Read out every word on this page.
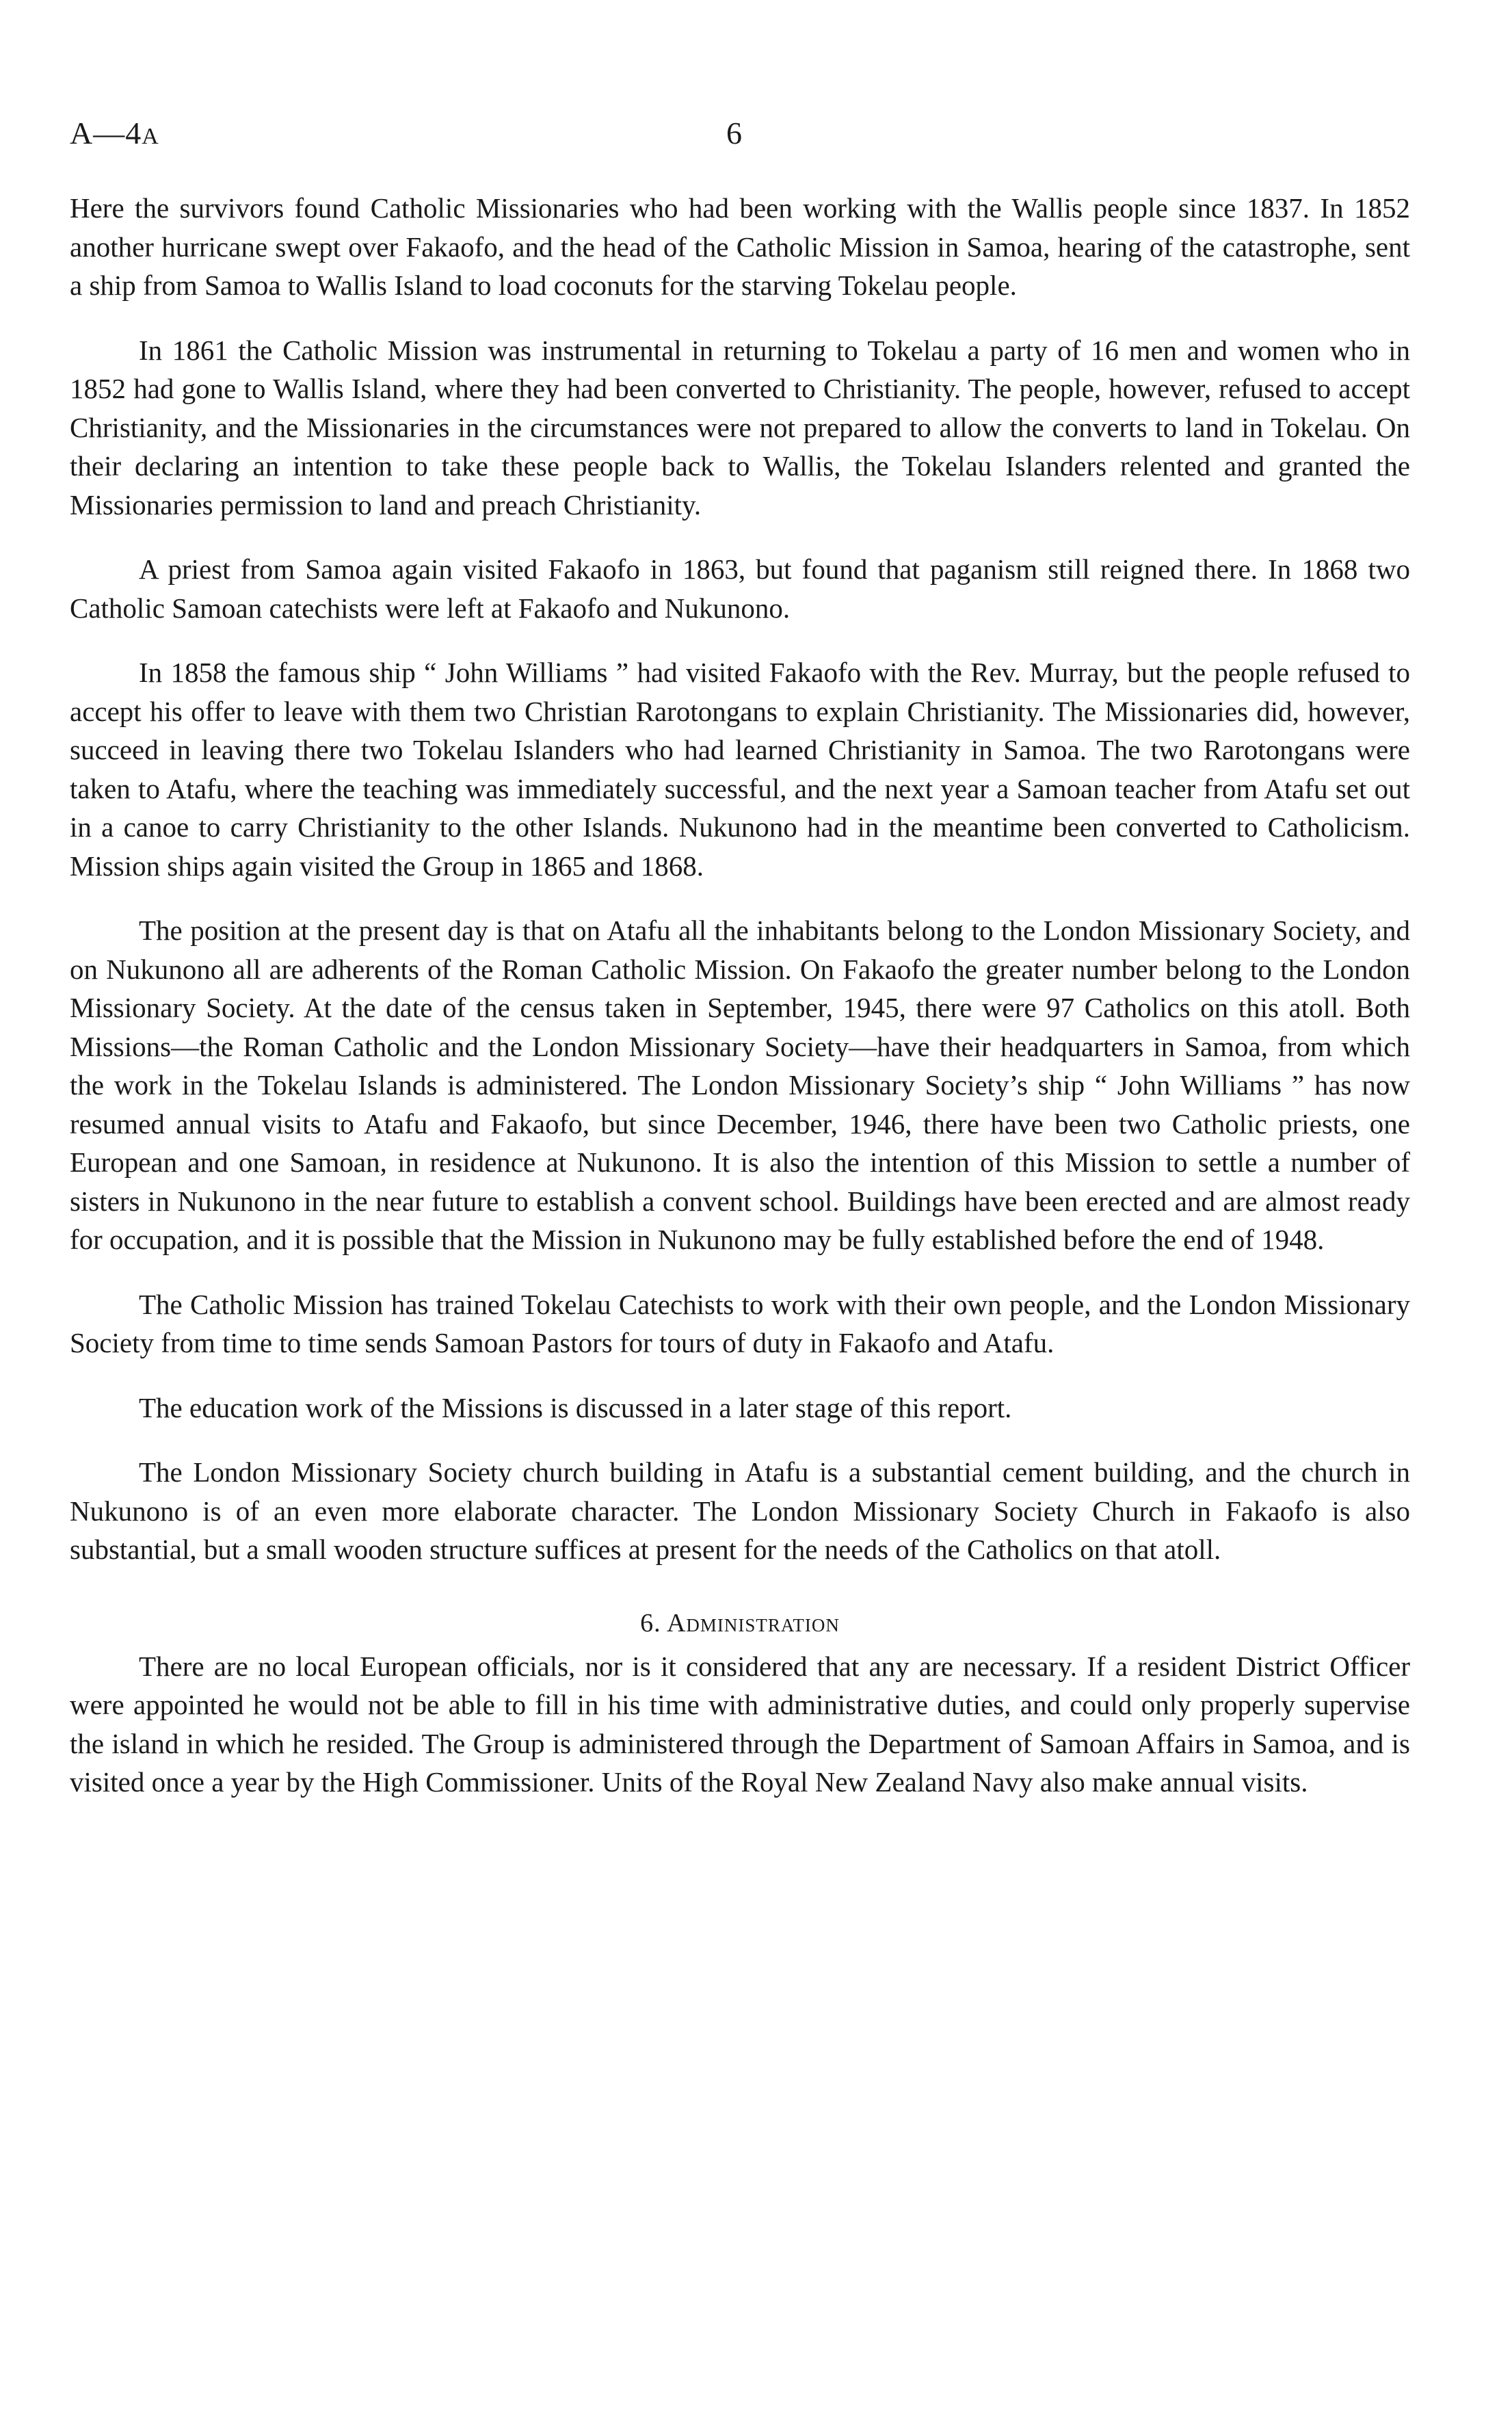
A—4A	6

Here the survivors found Catholic Missionaries who had been working with the Wallis people since 1837. In 1852 another hurricane swept over Fakaofo, and the head of the Catholic Mission in Samoa, hearing of the catastrophe, sent a ship from Samoa to Wallis Island to load coconuts for the starving Tokelau people.

In 1861 the Catholic Mission was instrumental in returning to Tokelau a party of 16 men and women who in 1852 had gone to Wallis Island, where they had been converted to Christianity. The people, however, refused to accept Christianity, and the Missionaries in the circumstances were not prepared to allow the converts to land in Tokelau. On their declaring an intention to take these people back to Wallis, the Tokelau Islanders relented and granted the Missionaries permission to land and preach Christianity.

A priest from Samoa again visited Fakaofo in 1863, but found that paganism still reigned there. In 1868 two Catholic Samoan catechists were left at Fakaofo and Nukunono.

In 1858 the famous ship “ John Williams ” had visited Fakaofo with the Rev. Murray, but the people refused to accept his offer to leave with them two Christian Rarotongans to explain Christianity. The Missionaries did, however, succeed in leaving there two Tokelau Islanders who had learned Christianity in Samoa. The two Rarotongans were taken to Atafu, where the teaching was immediately successful, and the next year a Samoan teacher from Atafu set out in a canoe to carry Christianity to the other Islands. Nukunono had in the meantime been converted to Catholicism. Mission ships again visited the Group in 1865 and 1868.

The position at the present day is that on Atafu all the inhabitants belong to the London Missionary Society, and on Nukunono all are adherents of the Roman Catholic Mission. On Fakaofo the greater number belong to the London Missionary Society. At the date of the census taken in September, 1945, there were 97 Catholics on this atoll. Both Missions—the Roman Catholic and the London Missionary Society—have their headquarters in Samoa, from which the work in the Tokelau Islands is administered. The London Missionary Society’s ship “ John Williams ” has now resumed annual visits to Atafu and Fakaofo, but since December, 1946, there have been two Catholic priests, one European and one Samoan, in residence at Nukunono. It is also the intention of this Mission to settle a number of sisters in Nukunono in the near future to establish a convent school. Buildings have been erected and are almost ready for occupation, and it is possible that the Mission in Nukunono may be fully established before the end of 1948.

The Catholic Mission has trained Tokelau Catechists to work with their own people, and the London Missionary Society from time to time sends Samoan Pastors for tours of duty in Fakaofo and Atafu.

The education work of the Missions is discussed in a later stage of this report.

The London Missionary Society church building in Atafu is a substantial cement building, and the church in Nukunono is of an even more elaborate character. The London Missionary Society Church in Fakaofo is also substantial, but a small wooden structure suffices at present for the needs of the Catholics on that atoll.

6. Administration

There are no local European officials, nor is it considered that any are necessary. If a resident District Officer were appointed he would not be able to fill in his time with administrative duties, and could only properly supervise the island in which he resided. The Group is administered through the Department of Samoan Affairs in Samoa, and is visited once a year by the High Commissioner. Units of the Royal New Zealand Navy also make annual visits.
